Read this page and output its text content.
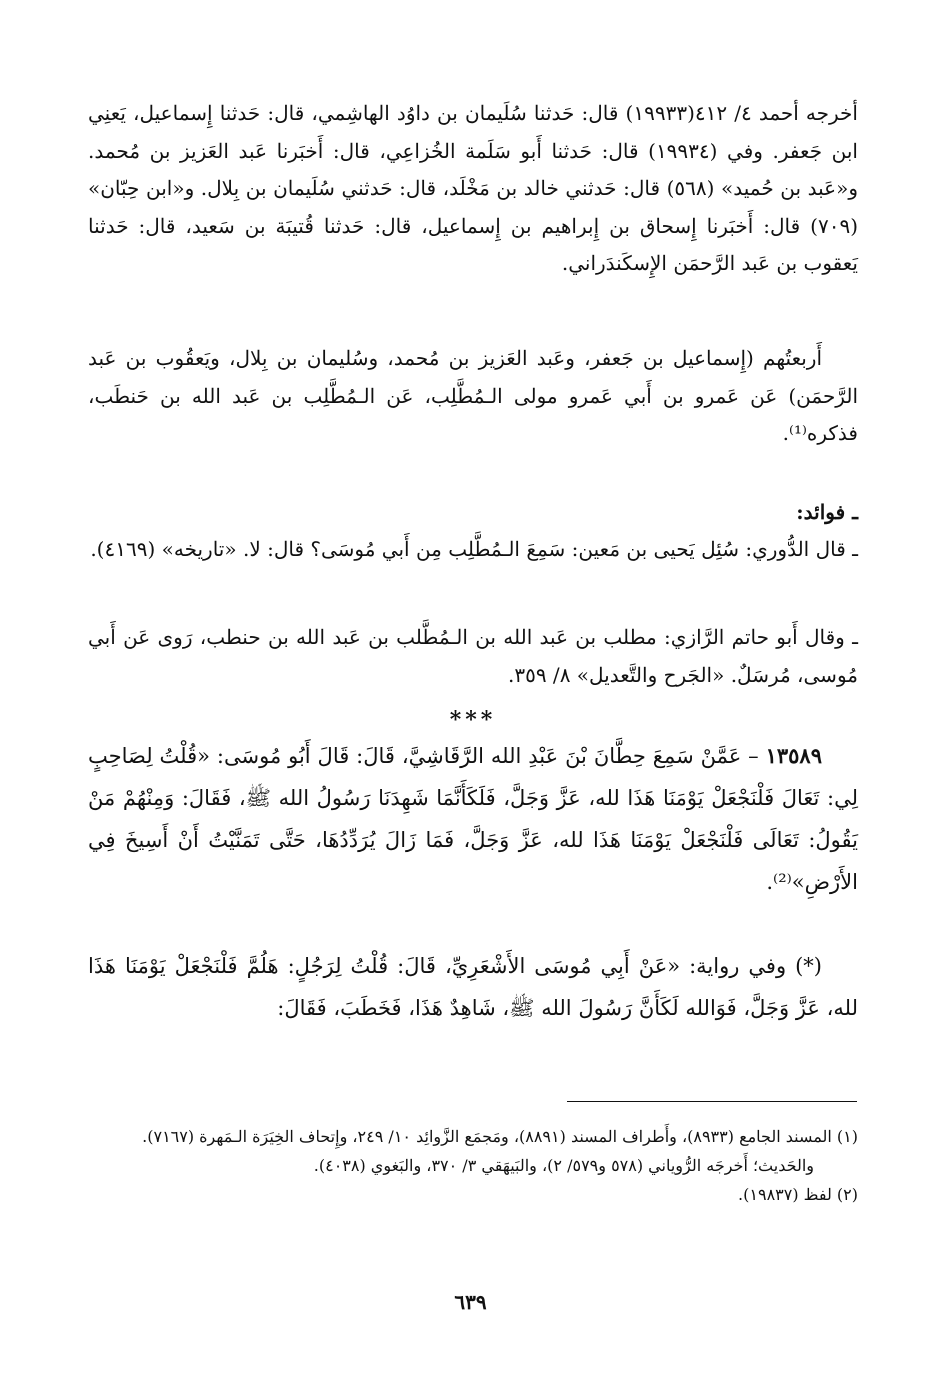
أخرجه أحمد ٤/ ٤١٢(١٩٩٣٣) قال: حَدثنا سُلَيمان بن داوُد الهاشِمي، قال: حَدثنا إِسماعيل، يَعنِي ابن جَعفر. وفي (١٩٩٣٤) قال: حَدثنا أَبو سَلَمة الخُزاعِي، قال: أَخبَرنا عَبد العَزيز بن مُحمد. و«عَبد بن حُميد» (٥٦٨) قال: حَدثني خالد بن مَخْلَد، قال: حَدثني سُلَيمان بن بِلال. و«ابن حِبّان» (٧٠٩) قال: أَخبَرنا إِسحاق بن إِبراهيم بن إِسماعيل، قال: حَدثنا قُتيبَة بن سَعيد، قال: حَدثنا يَعقوب بن عَبد الرَّحمَن الإِسكَندَراني.

أَربعتُهم (إِسماعيل بن جَعفر، وعَبد العَزيز بن مُحمد، وسُليمان بن بِلال، ويَعقُوب بن عَبد الرَّحمَن) عَن عَمرو بن أَبي عَمرو مولى الـمُطَّلِب، عَن الـمُطَّلِب بن عَبد الله بن حَنطَب، فذكره⁽¹⁾.

ـ فوائد:

ـ قال الدُّوري: سُئِل يَحيى بن مَعين: سَمِعَ الـمُطَّلِب مِن أَبي مُوسَى؟ قال: لا. «تاريخه» (٤١٦٩).

ـ وقال أَبو حاتم الرَّازي: مطلب بن عَبد الله بن الـمُطَّلب بن عَبد الله بن حنطب، رَوى عَن أَبي مُوسى، مُرسَلٌ. «الجَرح والتَّعديل» ٨/ ٣٥٩.

***

١٣٥٨٩ – عَمَّنْ سَمِعَ حِطَّانَ بْنَ عَبْدِ الله الرَّقَاشِيَّ، قَالَ: قَالَ أَبُو مُوسَى: «قُلْتُ لِصَاحِبٍ لِي: تَعَالَ فَلْنَجْعَلْ يَوْمَنَا هَذَا لله، عَزَّ وَجَلَّ، فَلَكَأَنَّمَا شَهِدَنَا رَسُولُ الله ﷺ، فَقَالَ: وَمِنْهُمْ مَنْ يَقُولُ: تَعَالَى فَلْنَجْعَلْ يَوْمَنَا هَذَا لله، عَزَّ وَجَلَّ، فَمَا زَالَ يُرَدِّدُهَا، حَتَّى تَمَنَّيْتُ أَنْ أَسِيخَ فِي الأَرْضِ»⁽²⁾.

(*) وفي رواية: «عَنْ أَبِي مُوسَى الأَشْعَرِيِّ، قَالَ: قُلْتُ لِرَجُلٍ: هَلُمَّ فَلْنَجْعَلْ يَوْمَنَا هَذَا لله، عَزَّ وَجَلَّ، فَوَالله لَكَأَنَّ رَسُولَ الله ﷺ، شَاهِدٌ هَذَا، فَخَطَبَ، فَقَالَ:

(١) المسند الجامع (٨٩٣٣)، وأَطراف المسند (٨٨٩١)، ومَجمَع الزَّوائِد ١٠/ ٢٤٩، وإِتحاف الخِيَرَة الـمَهرة (٧١٦٧).

والحَديث؛ أَخرجَه الرُّوياني (٥٧٨ و٥٧٩/ ٢)، والبَيهَقي ٣/ ٣٧٠، والبَغوي (٤٠٣٨).

(٢) لفظ (١٩٨٣٧).

٦٣٩
